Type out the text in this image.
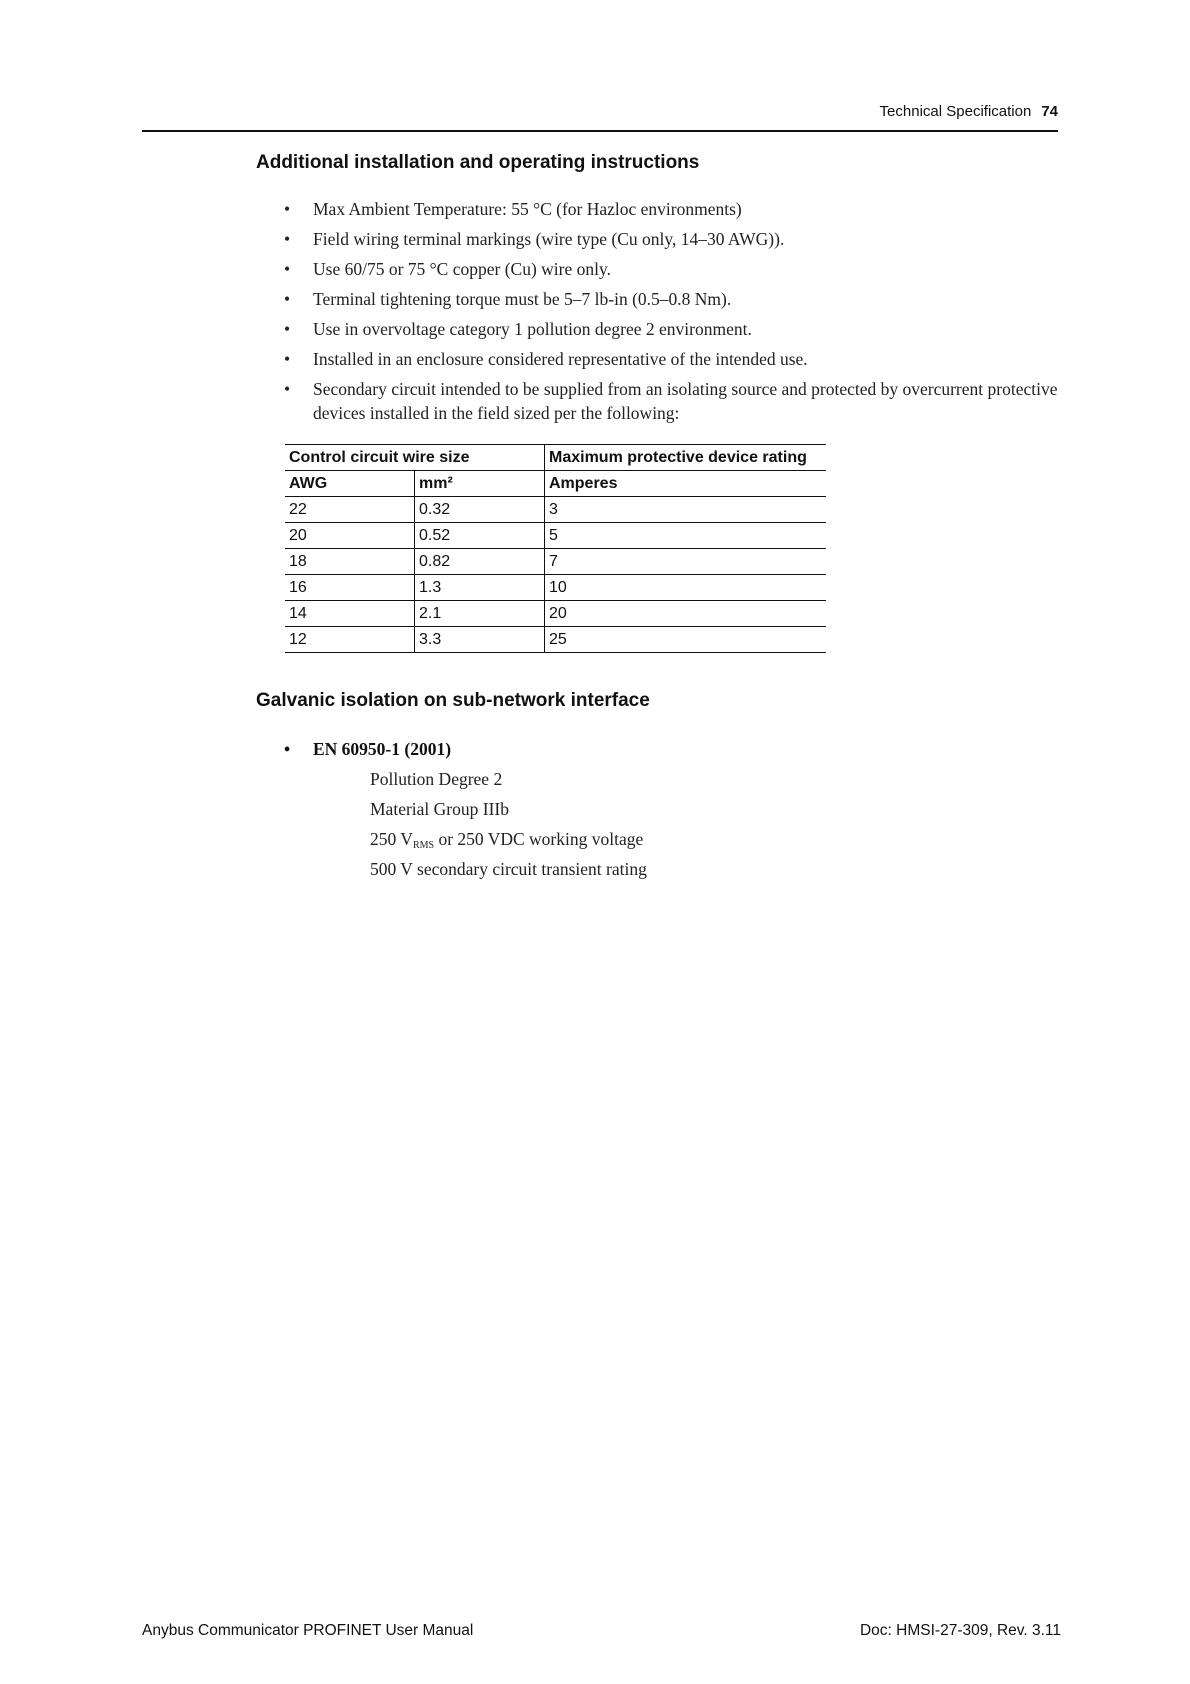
Technical Specification 74
Additional installation and operating instructions
• Max Ambient Temperature: 55 °C (for Hazloc environments)
• Field wiring terminal markings (wire type (Cu only, 14–30 AWG)).
• Use 60/75 or 75 °C copper (Cu) wire only.
• Terminal tightening torque must be 5–7 lb-in (0.5–0.8 Nm).
• Use in overvoltage category 1 pollution degree 2 environment.
• Installed in an enclosure considered representative of the intended use.
• Secondary circuit intended to be supplied from an isolating source and protected by overcurrent protective devices installed in the field sized per the following:
Control circuit wire size		Maximum protective device rating
AWG	mm²	Amperes
22	0.32	3
20	0.52	5
18	0.82	7
16	1.3	10
14	2.1	20
12	3.3	25
Galvanic isolation on sub-network interface
• EN 60950-1 (2001)
Pollution Degree 2
Material Group IIIb
250 $V_{RMS}$ or 250 VDC working voltage
500 V secondary circuit transient rating
Anybus Communicator PROFINET User Manual	Doc: HMSI-27-309, Rev. 3.11
